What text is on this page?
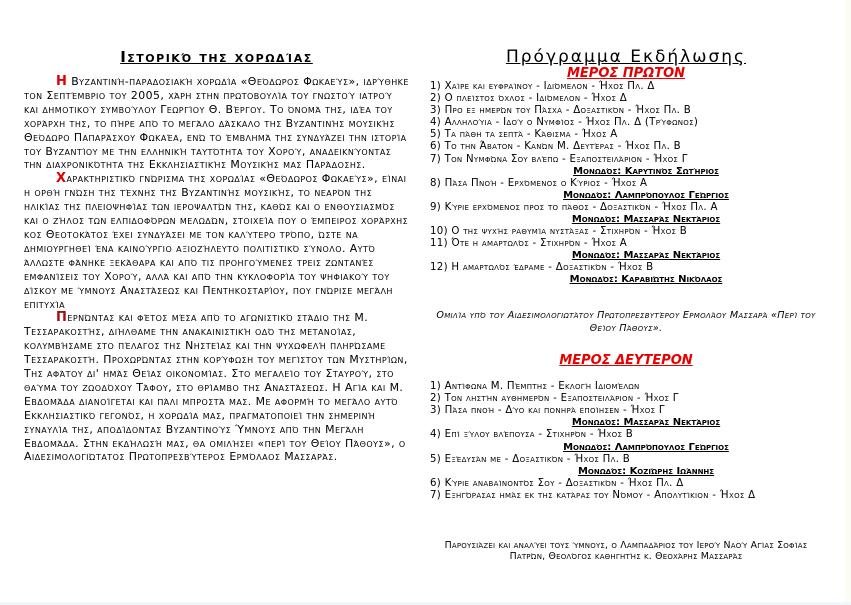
Ιστορικό της χορωδίας

Η Βυζαντινή-παραδοσιακή χορωδία «Θεόδωρος Φωκαεύς», ιδρύθηκε τον Σεπτέμβριο του 2005, χάρη στην πρωτοβουλία του γνωστού ιατρού και δημοτικού συμβούλου Γεωργίου Θ. Βέργου. Το όνομά της, ιδέα του χοράρχη της, το πήρε από το μεγάλο δάσκαλο της Βυζαντινής μουσικής Θεόδωρο Παπαράσχου Φωκαέα, ενώ το έμβλημά της συνδυάζει την ιστορία του Βυζαντίου με την ελληνική ταυτότητα του Χορού, αναδεικνύοντας την διαχρονικότητα της Εκκλησιαστικής Μουσικής μας Παράδοσης.

Χαρακτηριστικό γνώρισμα της χορωδίας «Θεόδωρος Φωκαεύς», είναι η ορθή γνώση της τέχνης της Βυζαντινής μουσικής, το νεαρόν της ηλικίας της πλειοψηφίας των ιεροψαλτών της, καθώς και ο ενθουσιασμός και ο ζήλος των ελπιδοφόρων μελωδών, στοιχεία που ο έμπειρος χοράρχης κος Θεοτοκάτος έχει συνδυάσει με τον καλύτερο τρόπο, ώστε να δημιουργηθεί ένα καινούργιο αξιοζήλευτο πολιτιστικό σύνολο. Αυτό άλλωστε φάνηκε ξεκάθαρα και από τις προηγούμενες τρεις ζωντανές εμφανίσεις του Χορού, αλλά και από την κυκλοφορία του ψηφιακού του δίσκου με ύμνους Αναστάσεως και Πεντηκοσταρίου, που γνώρισε μεγάλη επιτυχία

Περνώντας και φέτος μέσα από το αγωνιστικό στάδιο της Μ. Τεσσαρακοστής, διήλθαμε την ανακαινιστική οδό της μετανοίας, κολυμβήσαμε στο πέλαγος της Νηστείας και την ψυχωφελή πληρώσαμε Τεσσαρακοστή. Προχωρώντας στην κορύφωση του μεγίστου των Μυστηρίων, Της αφάτου δι' ημάς Θείας οικονομίας. Στο μεγαλείο του Σταυρού, στο θαύμα του ζωοδόχου Τάφου, στο θρίαμβο της Αναστάσεως. Η Αγία και Μ. Εβδομάδα διανοίγεται και πάλι μπροστά μας. Με αφορμή το μεγάλο αυτό Εκκλησιαστικό γεγονός, η χορωδία μας, πραγματοποιεί την σημερινή συναυλία της, αποδίδοντας Βυζαντινούς Ύμνους από την Μεγάλη Εβδομάδα. Στην εκδήλωσή μας, θα ομιλήσει «περί του Θείου Πάθους», ο Αιδεσιμολογιώτατος Πρωτοπρεσβύτερος Ερμόλαος Μασσαράς.

Πρόγραμμα Εκδήλωσης
ΜΕΡΟΣ ΠΡΩΤΟΝ
1) Χαίρε και ευφραίνου - Ιδιόμελον - Ήχος Πλ. Δ
2) Ο πλείστος όχλος - Ιδιόμελον - Ήχος Δ
3) Προ εξ ημερών του Πάσχα - Δοξαστικόν - Ήχος Πλ. Β
4) Αλληλούια - Ιδού ο Νυμφίος - Ήχος Πλ. Δ (Τρύφωνος)
5) Τα πάθη τα σεπτά - Κάθισμα - Ήχος Α
6) Το την Άβατον - Κανών Μ. Δευτέρας - Ήχος Πλ. Β
7) Τον Νυμφώνα Σου βλέπω - Εξαποστειλάριον - Ήχος Γ
Μονωδός: Καρυτινός Σωτήριος
8) Πάσα Πνοή - Ερχόμενος ο Κύριος - Ήχος Α
Μονωδός: Λαμπρόπουλος Γεώργιος
9) Κύριε ερχόμενος προς το πάθος - Δοξαστικόν - Ήχος Πλ. Α
Μονωδός: Μασσαράς Νεκτάριος
10) Ο της ψυχής ραθυμία νυστάξας - Στιχηρόν - Ήχος Β
11) Ότε η αμαρτωλός - Στιχηρόν - Ήχος Α
Μονωδός: Μασσαράς Νεκτάριος
12) Η αμαρτωλός έδραμε - Δοξαστικόν - Ήχος Β
Μονωδός: Καραβιώτης Νικόλαος
Ομιλία υπό του Αιδεσιμολογιωτάτου Πρωτοπρεσβυτέρου Ερμολάου Μασσαρά «Περί του Θείου Πάθους».
ΜΕΡΟΣ ΔΕΥΤΕΡΟΝ
1) Αντίφωνα Μ. Πέμπτης - Εκλογή Ιδιομέλων
2) Τον ληστήν αυθημερόν - Εξαποστειλάριον - Ήχος Γ
3) Πάσα πνοή - Δύο και πονηρά εποίησεν - Ήχος Γ
Μονωδός: Μασσαράς Νεκτάριος
4) Επί ξύλου βλέπουσα - Στιχηρόν - Ήχος Β
Μονωδός: Λαμπρόπουλος Γεώργιος
5) Εξέδυσάν με - Δοξαστικόν - Ήχος Πλ. Β
Μονωδός: Κοζιώρης Ιωάννης
6) Κύριε αναβαίνοντός Σου - Δοξαστικόν - Ήχος Πλ. Δ
7) Εξηγόρασας ημάς εκ της κατάρας του Νόμου - Απολυτίκιον - Ήχος Δ
Παρουσιάζει και αναλύει τους ύμνους, ο Λαμπαδάριος του Ιερού Ναού Αγίας Σοφίας Πατρών, Θεολόγος καθηγητής κ. Θεοχάρης Μασσαράς
